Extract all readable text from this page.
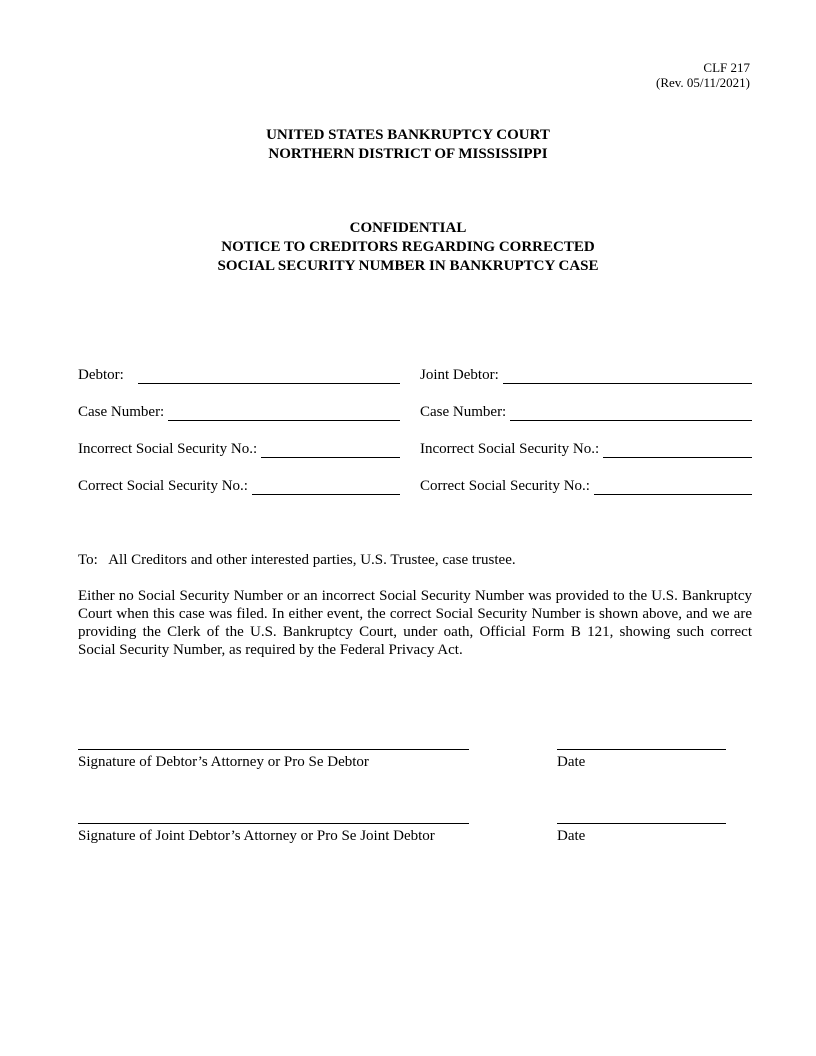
CLF 217
(Rev. 05/11/2021)
UNITED STATES BANKRUPTCY COURT
NORTHERN DISTRICT OF MISSISSIPPI
CONFIDENTIAL
NOTICE TO CREDITORS REGARDING CORRECTED
SOCIAL SECURITY NUMBER IN BANKRUPTCY CASE
Debtor:
Case Number:
Incorrect Social Security No.:
Correct Social Security No.:
Joint Debtor:
Case Number:
Incorrect Social Security No.:
Correct Social Security No.:
To:   All Creditors and other interested parties, U.S. Trustee, case trustee.
Either no Social Security Number or an incorrect Social Security Number was provided to the U.S. Bankruptcy Court when this case was filed. In either event, the correct Social Security Number is shown above, and we are providing the Clerk of the U.S. Bankruptcy Court, under oath, Official Form B 121, showing such correct Social Security Number, as required by the Federal Privacy Act.
Signature of Debtor’s Attorney or Pro Se Debtor	Date
Signature of Joint Debtor’s Attorney or Pro Se Joint Debtor	Date
